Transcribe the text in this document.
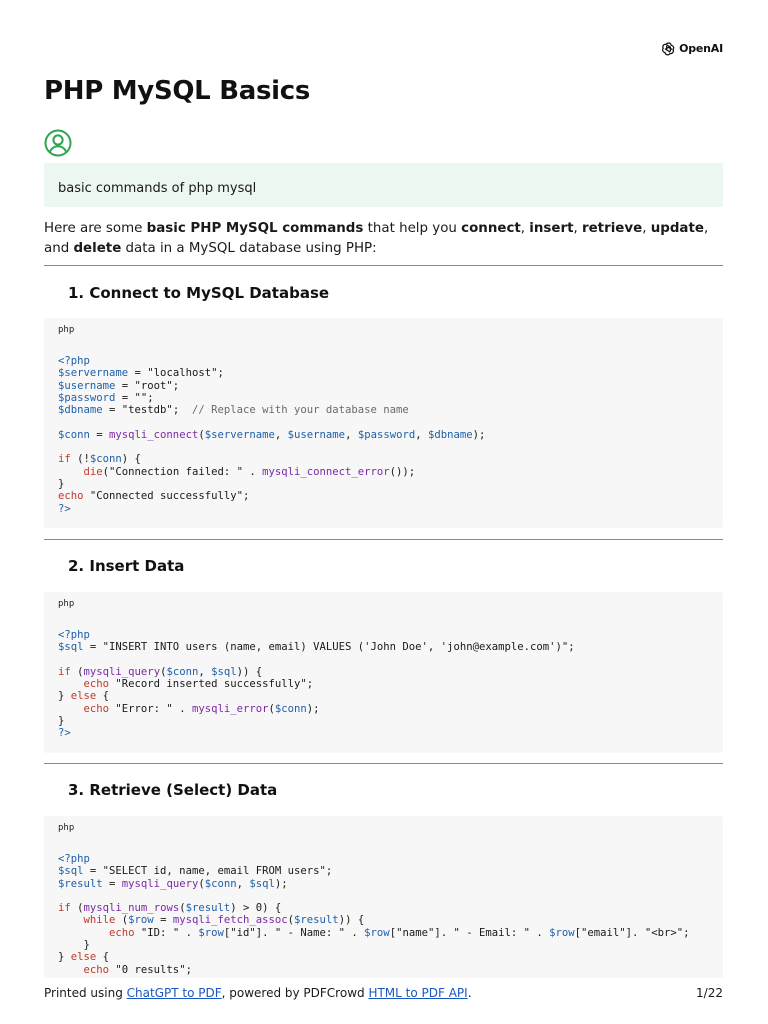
OpenAI
PHP MySQL Basics
basic commands of php mysql

Here are some basic PHP MySQL commands that help you connect, insert, retrieve, update, and delete data in a MySQL database using PHP:

1. Connect to MySQL Database
php
<?php
$servername = "localhost";
$username = "root";
$password = "";
$dbname = "testdb";  // Replace with your database name
$conn = mysqli_connect($servername, $username, $password, $dbname);
if (!$conn) {
die("Connection failed: " . mysqli_connect_error());
}
echo "Connected successfully";
?>
2. Insert Data
php
<?php
$sql = "INSERT INTO users (name, email) VALUES ('John Doe', 'john@example.com')";
if (mysqli_query($conn, $sql)) {
echo "Record inserted successfully";
} else {
echo "Error: " . mysqli_error($conn);
}
?>
3. Retrieve (Select) Data
php
<?php
$sql = "SELECT id, name, email FROM users";
$result = mysqli_query($conn, $sql);
if (mysqli_num_rows($result) > 0) {
while ($row = mysqli_fetch_assoc($result)) {
echo "ID: " . $row["id"]. " - Name: " . $row["name"]. " - Email: " . $row["email"]. "<br>";
}
} else {
echo "0 results";
Printed using ChatGPT to PDF, powered by PDFCrowd HTML to PDF API.	1/22
